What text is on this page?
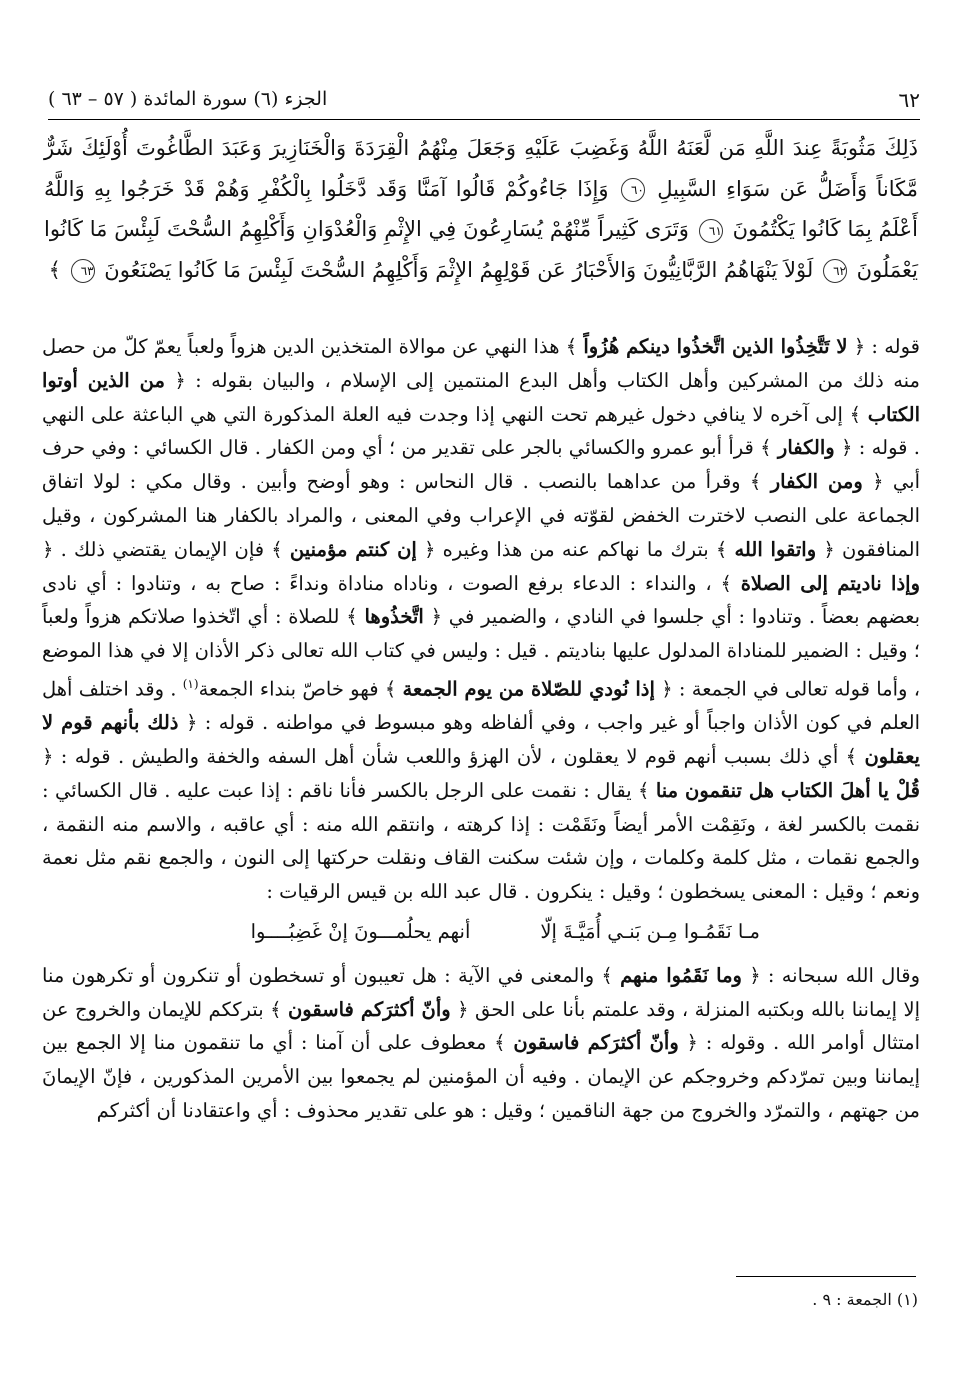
٦٢
الجزء (٦) سورة المائدة ( ٥٧ – ٦٣ )
ذَلِكَ مَثُوبَةً عِندَ اللَّهِ مَن لَّعَنَهُ اللَّهُ وَغَضِبَ عَلَيْهِ وَجَعَلَ مِنْهُمُ الْقِرَدَةَ وَالْخَنَازِيرَ وَعَبَدَ الطَّاغُوتَ أُوْلَئِكَ شَرٌّ مَّكَاناً وَأَضَلُّ عَن سَوَاءِ السَّبِيلِ ٦٠ وَإِذَا جَاءُوكُمْ قَالُوا آمَنَّا وَقَد دَّخَلُوا بِالْكُفْرِ وَهُمْ قَدْ خَرَجُوا بِهِ وَاللَّهُ أَعْلَمُ بِمَا كَانُوا يَكْتُمُونَ ٦١ وَتَرَى كَثِيراً مِّنْهُمْ يُسَارِعُونَ فِي الإِثْمِ وَالْعُدْوَانِ وَأَكْلِهِمُ السُّحْتَ لَبِئْسَ مَا كَانُوا يَعْمَلُونَ ٦٢ لَوْلاَ يَنْهَاهُمُ الرَّبَّانِيُّونَ وَالأَحْبَارُ عَن قَوْلِهِمُ الإِثْمَ وَأَكْلِهِمُ السُّحْتَ لَبِئْسَ مَا كَانُوا يَصْنَعُونَ ٦٣ ﴾

قوله : ﴿ لا تَتَّخِذُوا الذين اتَّخذُوا دينكم هُزُواً ﴾ هذا النهي عن موالاة المتخذين الدين هزواً ولعباً يعمّ كلّ من حصل منه ذلك من المشركين وأهل الكتاب وأهل البدع المنتمين إلى الإسلام ، والبيان بقوله : ﴿ من الذين أوتوا الكتاب ﴾ إلى آخره لا ينافي دخول غيرهم تحت النهي إذا وجدت فيه العلة المذكورة التي هي الباعثة على النهي . قوله : ﴿ والكفار ﴾ قرأ أبو عمرو والكسائي بالجر على تقدير من ؛ أي ومن الكفار . قال الكسائي : وفي حرف أبي ﴿ ومن الكفار ﴾ وقرأ من عداهما بالنصب . قال النحاس : وهو أوضح وأبين . وقال مكي : لولا اتفاق الجماعة على النصب لاخترت الخفض لقوّته في الإعراب وفي المعنى ، والمراد بالكفار هنا المشركون ، وقيل المنافقون ﴿ واتقوا الله ﴾ بترك ما نهاكم عنه من هذا وغيره ﴿ إن كنتم مؤمنين ﴾ فإن الإيمان يقتضي ذلك . ﴿ وإذا ناديتم إلى الصلاة ﴾ ، والنداء : الدعاء برفع الصوت ، وناداه مناداة ونداءً : صاح به ، وتنادوا : أي نادى بعضهم بعضاً . وتنادوا : أي جلسوا في النادي ، والضمير في ﴿ اتَّخذُوها ﴾ للصلاة : أي اتّخذوا صلاتكم هزواً ولعباً ؛ وقيل : الضمير للمناداة المدلول عليها بناديتم . قيل : وليس في كتاب الله تعالى ذكر الأذان إلا في هذا الموضع ، وأما قوله تعالى في الجمعة : ﴿ إذا نُودي للصّلاة من يوم الجمعة ﴾ فهو خاصّ بنداء الجمعة$^{(١)}$ . وقد اختلف أهل العلم في كون الأذان واجباً أو غير واجب ، وفي ألفاظه وهو مبسوط في مواطنه . قوله : ﴿ ذلك بأنهم قوم لا يعقلون ﴾ أي ذلك بسبب أنهم قوم لا يعقلون ، لأن الهزؤ واللعب شأن أهل السفه والخفة والطيش . قوله : ﴿ قُلْ يا أهلَ الكتاب هل تنقمون منا ﴾ يقال : نقمت على الرجل بالكسر فأنا ناقم : إذا عبت عليه . قال الكسائي : نقمت بالكسر لغة ، ونَقِمْت الأمر أيضاً ونَقَمْت : إذا كرهته ، وانتقم الله منه : أي عاقبه ، والاسم منه النقمة ، والجمع نقمات ، مثل كلمة وكلمات ، وإن شئت سكنت القاف ونقلت حركتها إلى النون ، والجمع نقم مثل نعمة ونعم ؛ وقيل : المعنى يسخطون ؛ وقيل : ينكرون . قال عبد الله بن قيس الرقيات :

مـا نَقَمُـوا مِـن بَنـي أُمَيَّـةَ إلّا
أنهم يحلُمـــونَ إنْ غَضِبُــــوا

وقال الله سبحانه : ﴿ وما نَقَمُوا منهم ﴾ والمعنى في الآية : هل تعيبون أو تسخطون أو تنكرون أو تكرهون منا إلا إيماننا بالله وبكتبه المنزلة ، وقد علمتم بأنا على الحق ﴿ وأنّ أكثرَكم فاسقون ﴾ بترككم للإيمان والخروج عن امتثال أوامر الله . وقوله : ﴿ وأنّ أكثرَكم فاسقون ﴾ معطوف على أن آمنا : أي ما تنقمون منا إلا الجمع بين إيماننا وبين تمرّدكم وخروجكم عن الإيمان . وفيه أن المؤمنين لم يجمعوا بين الأمرين المذكورين ، فإنّ الإيمانَ من جهتهم ، والتمرّد والخروج من جهة الناقمين ؛ وقيل : هو على تقدير محذوف : أي واعتقادنا أن أكثركم

(١) الجمعة : ٩ .
